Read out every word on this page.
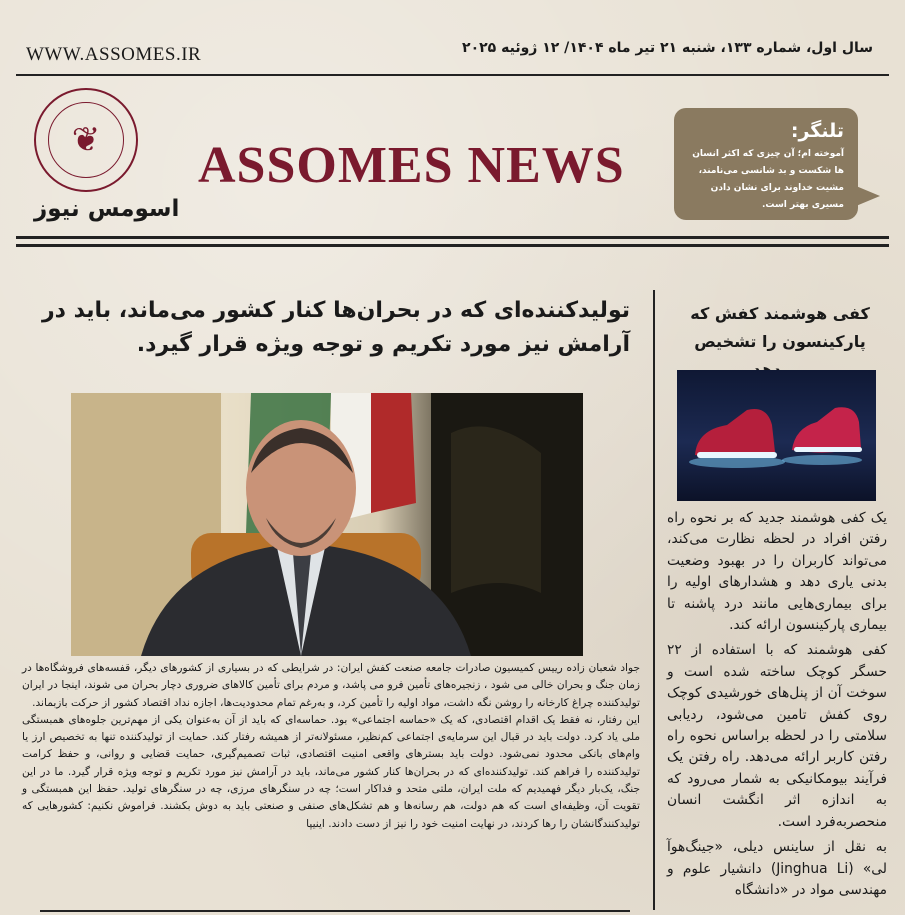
WWW.ASSOMES.IR	سال اول، شماره ۱۳۳، شنبه ۲۱ تیر ماه ۱۴۰۴/ ۱۲ ژوئیه ۲۰۲۵
❦
اسومس نیوز
ASSOMES NEWS
تلنگر:
آموخته ام؛ آن چیزی که اکثر انسان ها شکست و بد شانسی می‌نامند، مشیت خداوند برای نشان دادن مسیری بهتر است.
تولیدکننده‌ای که در بحران‌ها کنار کشور می‌ماند، باید در آرامش نیز مورد تکریم و توجه ویژه قرار گیرد.

جواد شعبان زاده رییس کمیسیون صادرات جامعه صنعت کفش ایران: در شرایطی که در بسیاری از کشورهای دیگر، قفسه‌های فروشگاه‌ها در زمان جنگ و بحران خالی می شود ، زنجیره‌های تأمین فرو می پاشد، و مردم برای تأمین کالاهای ضروری دچار بحران می شوند، اینجا در ایران تولیدکننده چراغ کارخانه را روشن نگه داشت، مواد اولیه را تأمین کرد، و به‌رغم تمام محدودیت‌ها، اجازه نداد اقتصاد کشور از حرکت بازبماند.

این رفتار، نه فقط یک اقدام اقتصادی، که یک «حماسه اجتماعی» بود. حماسه‌ای که باید از آن به‌عنوان یکی از مهم‌ترین جلوه‌های همبستگی ملی یاد کرد. دولت باید در قبال این سرمایه‌ی اجتماعی کم‌نظیر، مسئولانه‌تر از همیشه رفتار کند. حمایت از تولیدکننده تنها به تخصیص ارز یا وام‌های بانکی محدود نمی‌شود. دولت باید بسترهای واقعی امنیت اقتصادی، ثبات تصمیم‌گیری، حمایت قضایی و روانی، و حفظ کرامت تولیدکننده را فراهم کند. تولیدکننده‌ای که در بحران‌ها کنار کشور می‌ماند، باید در آرامش نیز مورد تکریم و توجه ویژه قرار گیرد. ما در این جنگ، یک‌بار دیگر فهمیدیم که ملت ایران، ملتی متحد و فداکار است؛ چه در سنگرهای مرزی، چه در سنگرهای تولید. حفظ این همبستگی و تقویت آن، وظیفه‌ای است که هم دولت، هم رسانه‌ها و هم تشکل‌های صنفی و صنعتی باید به دوش بکشند. فراموش نکنیم: کشورهایی که تولیدکنندگانشان را رها کردند، در نهایت امنیت خود را نیز از دست دادند. اینیپا

کفی هوشمند کفش که پارکینسون را تشخیص

یک کفی هوشمند جدید که بر نحوه راه رفتن افراد در لحظه نظارت می‌کند، می‌تواند کاربران را در بهبود وضعیت بدنی یاری دهد و هشدارهای اولیه را برای بیماری‌هایی مانند درد پاشنه تا بیماری پارکینسون ارائه کند.

کفی هوشمند که با استفاده از ۲۲ حسگر کوچک ساخته شده است و سوخت آن از پنل‌های خورشیدی کوچک روی کفش تامین می‌شود، ردیابی سلامتی را در لحظه براساس نحوه راه رفتن کاربر ارائه می‌دهد. راه رفتن یک فرآیند بیومکانیکی به شمار می‌رود که به اندازه اثر انگشت انسان منحصربه‌فرد است.

به نقل از ساینس دیلی، «جینگ‌هوآ لی» (Jinghua Li) دانشیار علوم و مهندسی مواد در «دانشگاه
